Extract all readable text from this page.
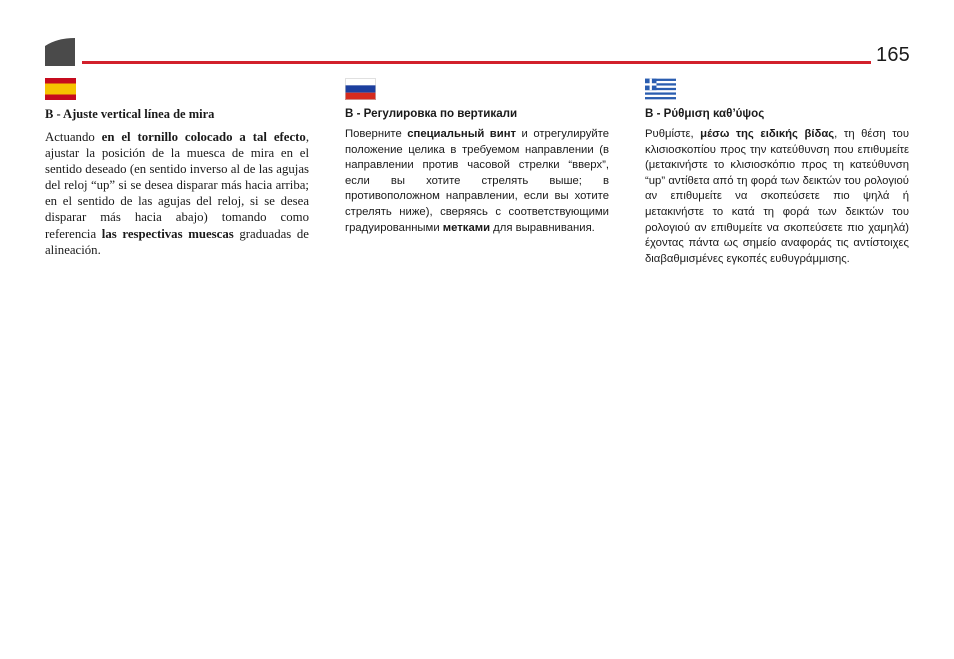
165

B - Ajuste vertical línea de mira

Actuando en el tornillo colocado a tal efecto, ajustar la posición de la muesca de mira en el sentido deseado (en sentido inverso al de las agujas del reloj “up” si se desea disparar más hacia arriba; en el sentido de las agujas del reloj, si se desea disparar más hacia abajo) tomando como referencia las respectivas muescas graduadas de alineación.

B - Регулировка по вертикали

Поверните специальный винт и отрегулируйте положение целика в требуемом направлении (в направлении против часовой стрелки “вверх”, если вы хотите стрелять выше; в противоположном направлении, если вы хотите стрелять ниже), сверяясь с соответствующими градуированными метками для выравнивания.

B - Ρύθμιση καθ’ύψος

Ρυθμίστε, μέσω της ειδικής βίδας, τη θέση του κλισιοσκοπίου προς την κατεύθυνση που επιθυμείτε (μετακινήστε το κλισιοσκόπιο προς τη κατεύθυνση “up” αντίθετα από τη φορά των δεικτών του ρολογιού αν επιθυμείτε να σκοπεύσετε πιο ψηλά ή μετακινήστε το κατά τη φορά των δεικτών του ρολογιού αν επιθυμείτε να σκοπεύσετε πιο χαμηλά) έχοντας πάντα ως σημείο αναφοράς τις αντίστοιχες διαβαθμισμένες εγκοπές ευθυγράμμισης.
